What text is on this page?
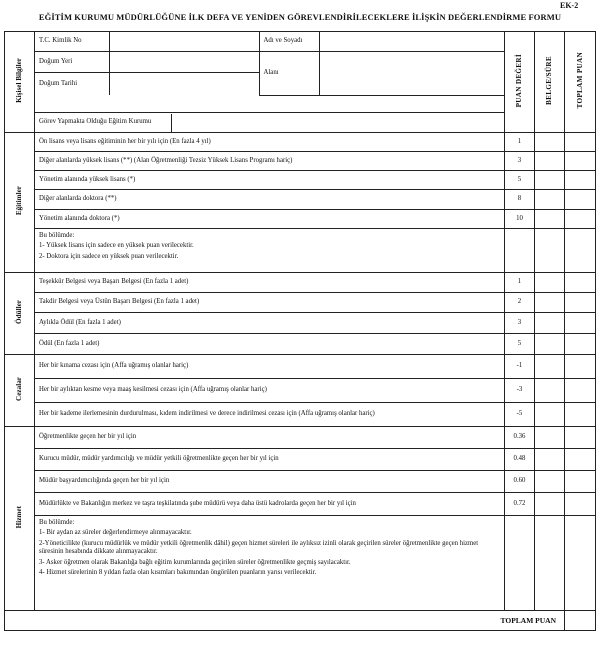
EK-2
EĞİTİM KURUMU MÜDÜRLÜĞÜNE İLK DEFA VE YENİDEN GÖREVLENDİRİLECEKLERE İLİŞKİN DEĞERLENDİRME FORMU
Kişisel Bilgiler	
T.C. Kimlik No		Adı ve Soyadı	
Doğum Yeri		Alanı	
Doğum Tarihi	
		PUAN DEĞERİ	BELGE/SÜRE	TOPLAM PUAN

Görev Yapmakta Olduğu Eğitim Kurumu	

Eğitimler	Ön lisans veya lisans eğitiminin her bir yılı için (En fazla 4 yıl)	1		
Diğer alanlarda yüksek lisans (**) (Alan Öğretmenliği Tezsiz Yüksek Lisans Programı hariç)	3		
Yönetim alanında yüksek lisans (*)	5		
Diğer alanlarda doktora (**)	8		
Yönetim alanında doktora (*)	10		

Bu bölümde:
1- Yüksek lisans için sadece en yüksek puan verilecektir.
2- Doktora için sadece en yüksek puan verilecektir.

Ödüller	Teşekkür Belgesi veya Başarı Belgesi (En fazla 1 adet)	1		
Takdir Belgesi veya Üstün Başarı Belgesi (En fazla 1 adet)	2		
Aylıkla Ödül (En fazla 1 adet)	3		
Ödül (En fazla 1 adet)	5		
Cezalar	Her bir kınama cezası için (Affa uğramış olanlar hariç)	-1		
Her bir aylıktan kesme veya maaş kesilmesi cezası için (Affa uğramış olanlar hariç)	-3		
Her bir kademe ilerlemesinin durdurulması, kıdem indirilmesi ve derece indirilmesi cezası için (Affa uğramış olanlar hariç)	-5		
Hizmet	Öğretmenlikte geçen her bir yıl için	0.36		
Kurucu müdür, müdür yardımcılığı ve müdür yetkili öğretmenlikte geçen her bir yıl için	0.48		
Müdür başyardımcılığında geçen her bir yıl için	0.60		
Müdürlükte ve Bakanlığın merkez ve taşra teşkilatında şube müdürü veya daha üstü kadrolarda geçen her bir yıl için	0.72		

Bu bölümde:
1- Bir aydan az süreler değerlendirmeye alınmayacaktır.
2-Yöneticilikte (kurucu müdürlük ve müdür yetkili öğretmenlik dâhil) geçen hizmet süreleri ile aylıksız izinli olarak geçirilen süreler öğretmenlikte geçen hizmet süresinin hesabında dikkate alınmayacaktır.
3- Asker öğretmen olarak Bakanlığa bağlı eğitim kurumlarında geçirilen süreler öğretmenlikte geçmiş sayılacaktır.
4- Hizmet sürelerinin 8 yıldan fazla olan kısımları bakımından öngörülen puanların yarısı verilecektir.

TOPLAM PUAN	
